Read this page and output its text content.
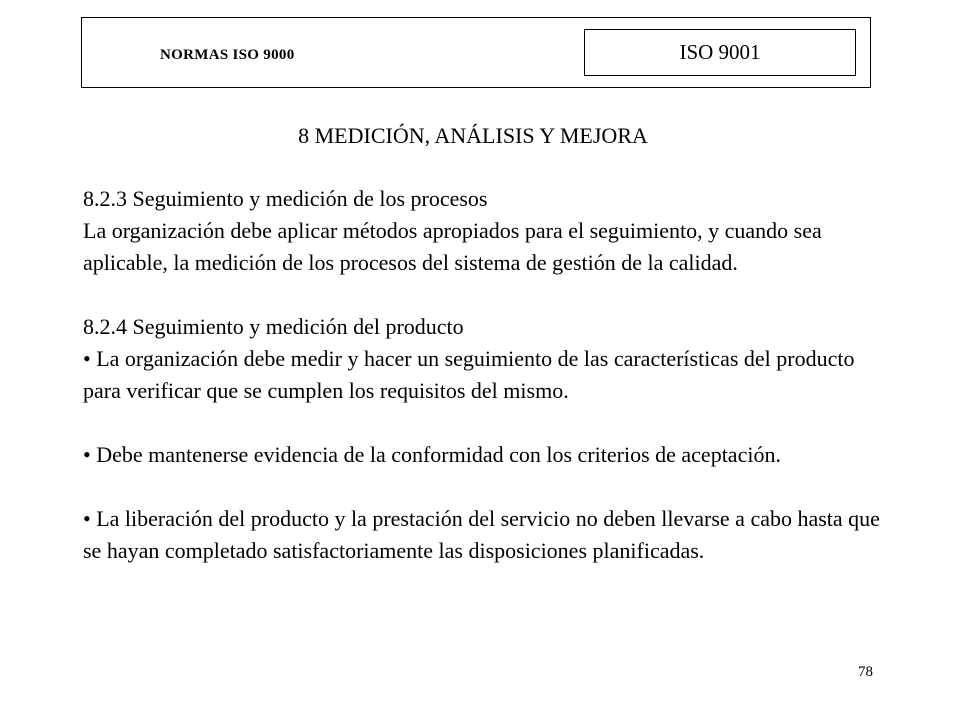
NORMAS ISO 9000	ISO 9001
8 MEDICIÓN, ANÁLISIS Y MEJORA

8.2.3 Seguimiento y medición de los procesos

La organización debe aplicar métodos apropiados para el seguimiento, y cuando sea aplicable, la medición de los procesos del sistema de gestión de la calidad.

8.2.4 Seguimiento y medición del producto

• La organización debe medir y hacer un seguimiento de las características del producto para verificar que se cumplen los requisitos del mismo.

• Debe mantenerse evidencia de la conformidad con los criterios de aceptación.

• La liberación del producto y la prestación del servicio no deben llevarse a cabo hasta que se hayan completado satisfactoriamente las disposiciones planificadas.

78
